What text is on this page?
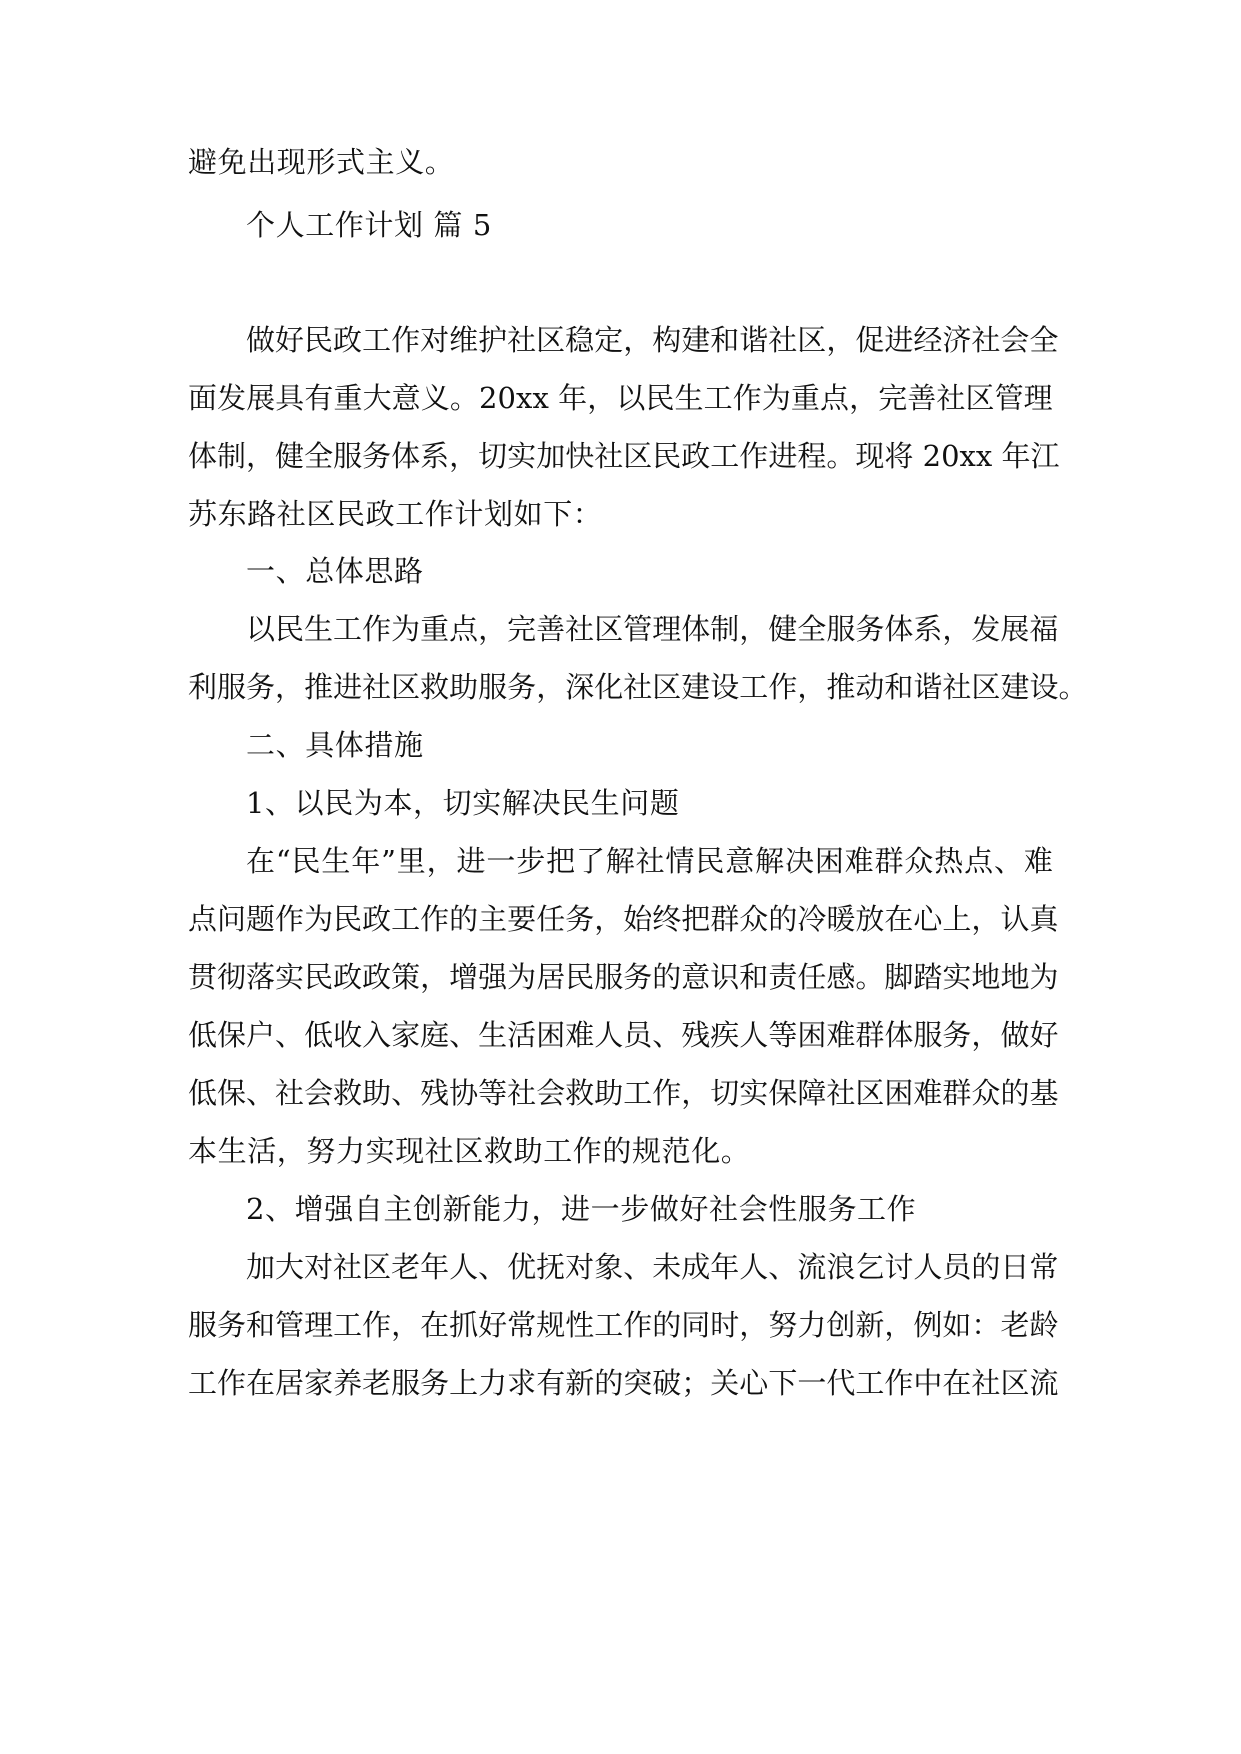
避免出现形式主义。

个人工作计划 篇 5

做 好 民 政 工 作 对 维 护 社 区 稳 定 ， 构 建 和 谐 社 区 ， 促 进 经 济 社 会 全

面 发 展 具 有 重 大 意 义 。 2 0 x x
年 ， 以 民 生 工 作 为 重 点 ， 完 善 社 区 管 理

体 制 ， 健 全 服 务 体 系 ， 切 实 加 快 社 区 民 政 工 作 进 程 。 现 将
2 0 x x
年 江

苏东路社区民政工作计划如下：

一、总体思路

以 民 生 工 作 为 重 点 ， 完 善 社 区 管 理 体 制 ， 健 全 服 务 体 系 ， 发 展 福

利 服 务 ， 推 进 社 区 救 助 服 务 ， 深 化 社 区 建 设 工 作 ， 推 动 和 谐 社 区 建 设 。

二、具体措施

1、以民为本，切实解决民生问题

在 “ 民 生 年 ” 里 ， 进 一 步 把 了 解 社 情 民 意 解 决 困 难 群 众 热 点 、 难

点 问 题 作 为 民 政 工 作 的 主 要 任 务 ， 始 终 把 群 众 的 冷 暖 放 在 心 上 ， 认 真

贯 彻 落 实 民 政 政 策 ， 增 强 为 居 民 服 务 的 意 识 和 责 任 感 。 脚 踏 实 地 地 为

低 保 户 、 低 收 入 家 庭 、 生 活 困 难 人 员 、 残 疾 人 等 困 难 群 体 服 务 ， 做 好

低 保 、 社 会 救 助 、 残 协 等 社 会 救 助 工 作 ， 切 实 保 障 社 区 困 难 群 众 的 基

本生活，努力实现社区救助工作的规范化。

2、增强自主创新能力，进一步做好社会性服务工作

加 大 对 社 区 老 年 人 、 优 抚 对 象 、 未 成 年 人 、 流 浪 乞 讨 人 员 的 日 常

服 务 和 管 理 工 作 ， 在 抓 好 常 规 性 工 作 的 同 时 ， 努 力 创 新 ， 例 如 ： 老 龄

工 作 在 居 家 养 老 服 务 上 力 求 有 新 的 突 破 ； 关 心 下 一 代 工 作 中 在 社 区 流
